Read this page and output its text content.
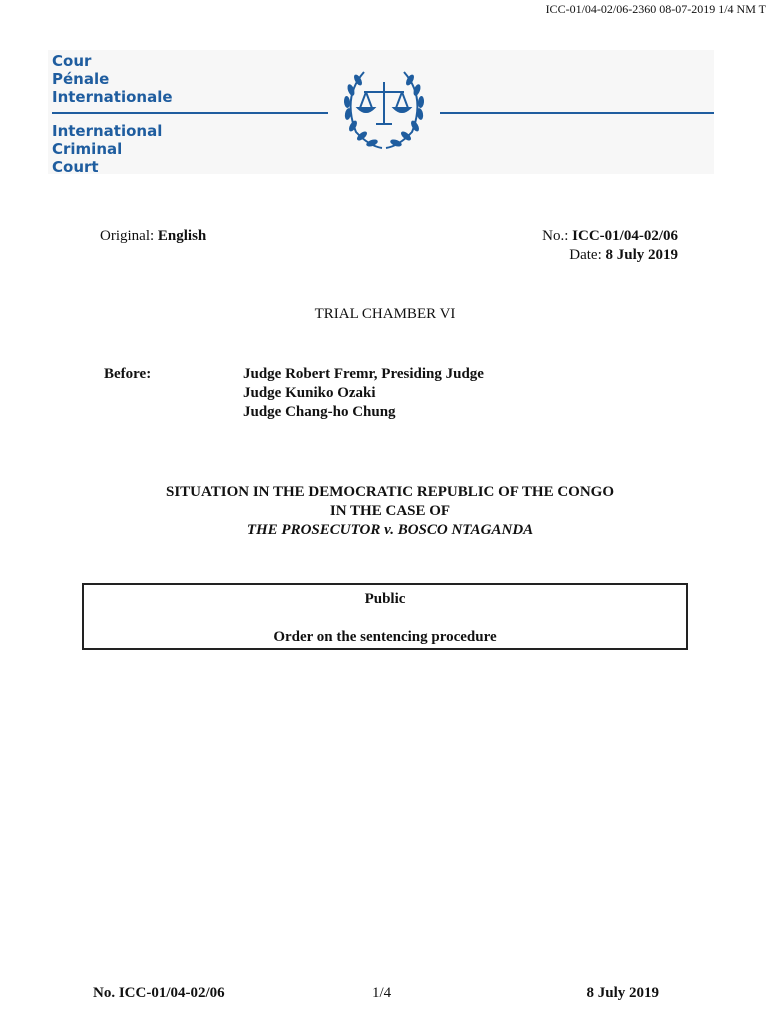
ICC-01/04-02/06-2360 08-07-2019 1/4 NM T
Cour
Pénale
Internationale
International
Criminal
Court
Original: English	No.: ICC-01/04-02/06
Date: 8 July 2019
TRIAL CHAMBER VI
Before:	Judge Robert Fremr, Presiding Judge
Judge Kuniko Ozaki
Judge Chang-ho Chung
SITUATION IN THE DEMOCRATIC REPUBLIC OF THE CONGO
IN THE CASE OF
THE PROSECUTOR v. BOSCO NTAGANDA
Public
Order on the sentencing procedure
No. ICC-01/04-02/06	1/4	8 July 2019
